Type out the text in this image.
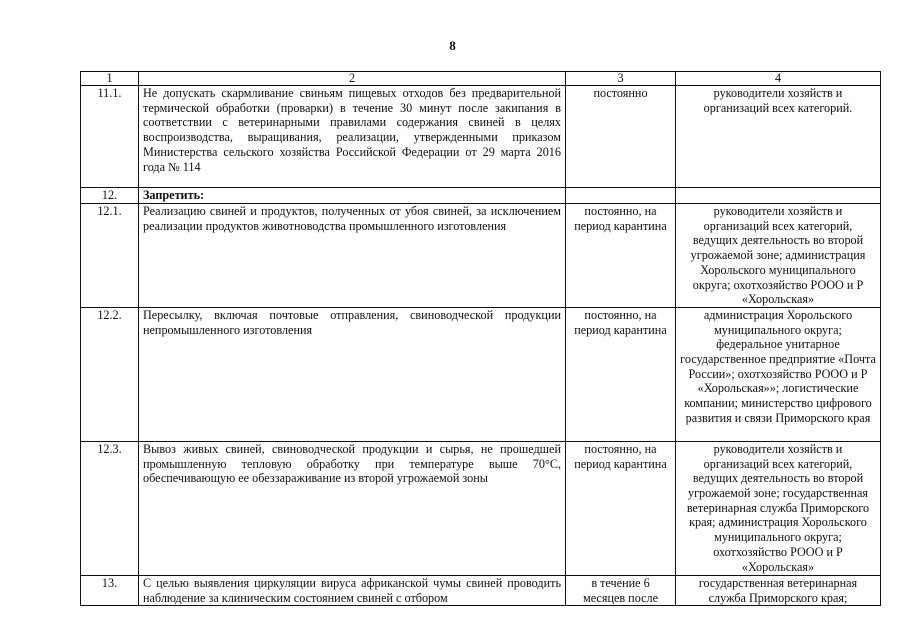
8
1	2	3	4
11.1.	Не допускать скармливание свиньям пищевых отходов без предварительной термической обработки (проварки) в течение 30 минут после закипания в соответствии с ветеринарными правилами содержания свиней в целях воспроизводства, выращивания, реализации, утвержденными приказом Министерства сельского хозяйства Российской Федерации от 29 марта 2016 года № 114	постоянно	руководители хозяйств и организаций всех категорий.
12.	Запретить:		
12.1.	Реализацию свиней и продуктов, полученных от убоя свиней, за исключением реализации продуктов животноводства промышленного изготовления	постоянно, на период карантина	руководители хозяйств и организаций всех категорий, ведущих деятельность во второй угрожаемой зоне; администрация Хорольского муниципального округа; охотхозяйство РООО и Р «Хорольская»
12.2.	Пересылку, включая почтовые отправления, свиноводческой продукции непромышленного изготовления	постоянно, на период карантина	администрация Хорольского муниципального округа; федеральное унитарное государственное предприятие «Почта России»; охотхозяйство РООО и Р «Хорольская»»; логистические компании; министерство цифрового развития и связи Приморского края
12.3.	Вывоз живых свиней, свиноводческой продукции и сырья, не прошедшей промышленную тепловую обработку при температуре выше 70°С, обеспечивающую ее обеззараживание из второй угрожаемой зоны	постоянно, на период карантина	руководители хозяйств и организаций всех категорий, ведущих деятельность во второй угрожаемой зоне; государственная ветеринарная служба Приморского края; администрация Хорольского муниципального округа; охотхозяйство РООО и Р «Хорольская»
13.	С целью выявления циркуляции вируса африканской чумы свиней проводить наблюдение за клиническим состоянием свиней с отбором	в течение 6 месяцев после	государственная ветеринарная служба Приморского края;
